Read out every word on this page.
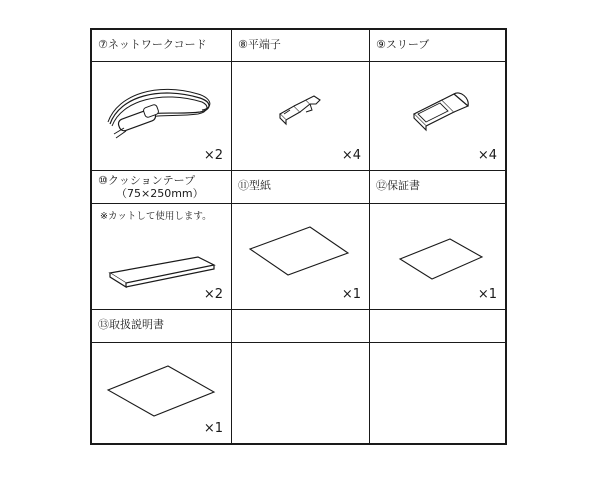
⑦ネットワークコード
×2
⑧平端子
×4
⑨スリーブ
×4
⑩クッションテープ
（75×250mm）
※カットして使用します。
×2
⑪型紙
×1
⑫保証書
×1
⑬取扱説明書
×1
